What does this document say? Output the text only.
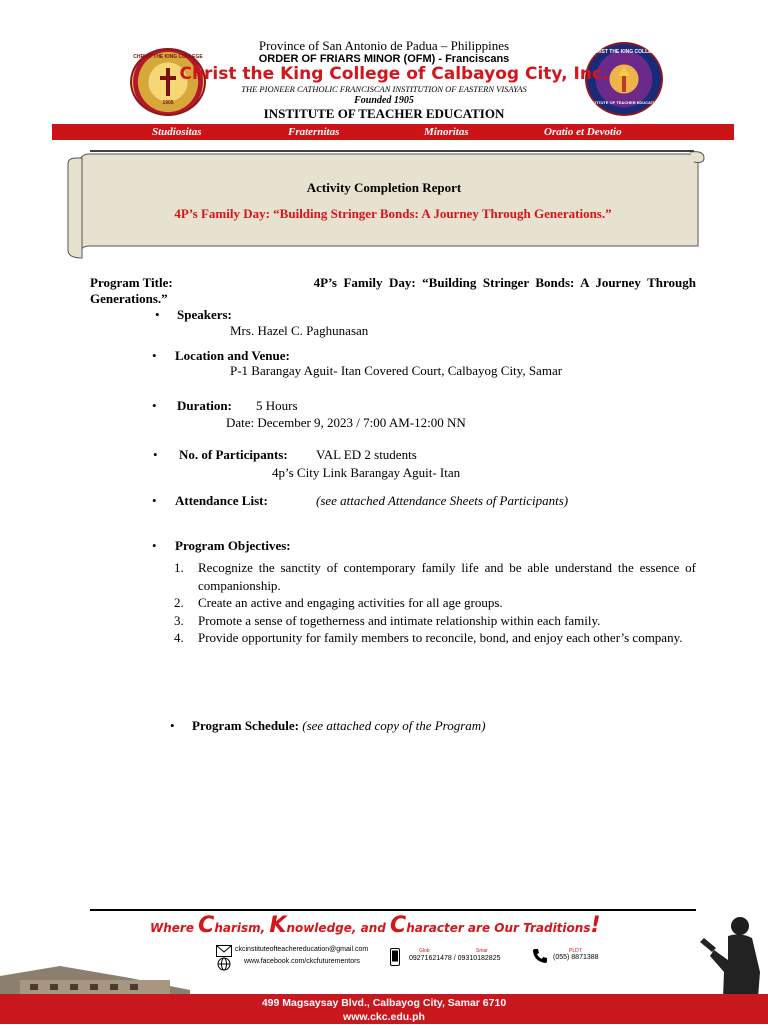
CHRIST THE KING COLLEGE
1905
CHRIST THE KING COLLEGE
INSTITUTE OF TEACHER EDUCATION
Province of San Antonio de Padua – Philippines
ORDER OF FRIARS MINOR (OFM) - Franciscans
Christ the King College of Calbayog City, Inc.
THE PIONEER CATHOLIC FRANCISCAN INSTITUTION OF EASTERN VISAYAS
Founded 1905
INSTITUTE OF TEACHER EDUCATION
Studiositas	Fraternitas	Minoritas	Oratio et Devotio
Activity Completion Report
4P’s Family Day: “Building Stringer Bonds: A Journey Through Generations.”
Program Title:	4P’s  Family  Day:  “Building  Stringer  Bonds:  A  Journey  Through
Generations.”
• Speakers:
Mrs. Hazel C. Paghunasan
• Location and Venue:
P-1 Barangay Aguit- Itan Covered Court, Calbayog City, Samar
• Duration: 5 Hours
Date: December 9, 2023 / 7:00 AM-12:00 NN
• No. of Participants: VAL ED 2 students
4p’s City Link Barangay Aguit- Itan
• Attendance List:	(see attached Attendance Sheets of Participants)
• Program Objectives:
1.	Recognize the sanctity of contemporary family life and be able understand the essence of companionship.
2.	Create an active and engaging activities for all age groups.
3.	Promote a sense of togetherness and intimate relationship within each family.
4.	Provide opportunity for family members to reconcile, bond, and enjoy each other’s company.
• Program Schedule: (see attached copy of the Program)
Where Charism, Knowledge, and Character are Our Traditions!
ckcinstituteofteachereducation@gmail.com
www.facebook.com/ckcfuturementors
Glob	Smar
09271621478 / 09310182825
PLDT
(055) 8871388
499 Magsaysay Blvd., Calbayog City, Samar 6710
www.ckc.edu.ph
